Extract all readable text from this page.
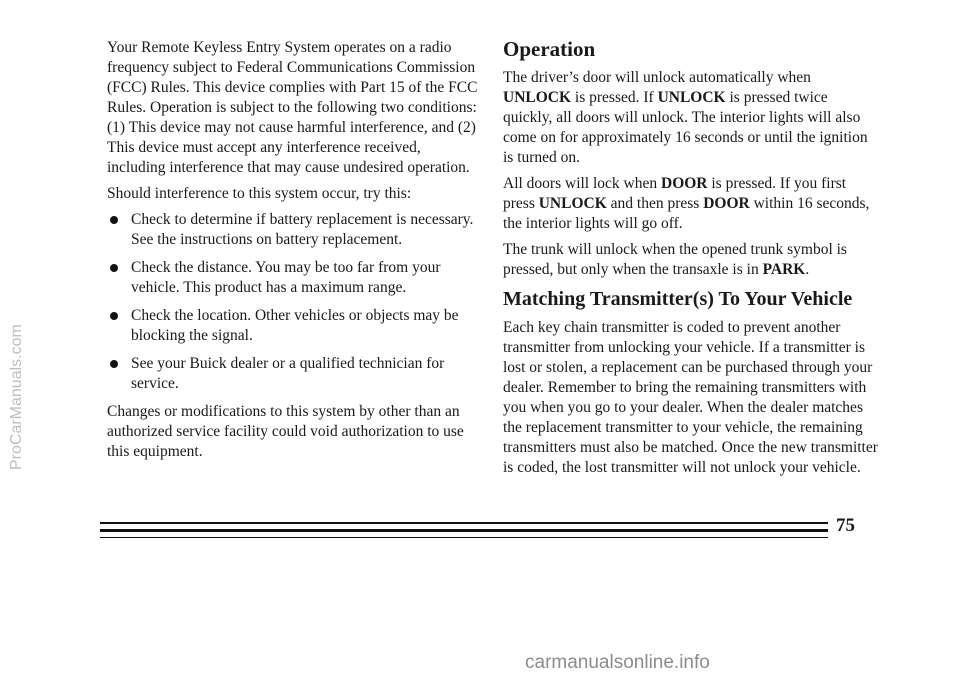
Your Remote Keyless Entry System operates on a radio frequency subject to Federal Communications Commission (FCC) Rules. This device complies with Part 15 of the FCC Rules. Operation is subject to the following two conditions: (1) This device may not cause harmful interference, and (2) This device must accept any interference received, including interference that may cause undesired operation.

Should interference to this system occur, try this:

Check to determine if battery replacement is necessary. See the instructions on battery replacement.
Check the distance. You may be too far from your vehicle. This product has a maximum range.
Check the location. Other vehicles or objects may be blocking the signal.
See your Buick dealer or a qualified technician for service.

Changes or modifications to this system by other than an authorized service facility could void authorization to use this equipment.

Operation

The driver’s door will unlock automatically when UNLOCK is pressed. If UNLOCK is pressed twice quickly, all doors will unlock. The interior lights will also come on for approximately 16 seconds or until the ignition is turned on.

All doors will lock when DOOR is pressed. If you first press UNLOCK and then press DOOR within 16 seconds, the interior lights will go off.

The trunk will unlock when the opened trunk symbol is pressed, but only when the transaxle is in PARK.

Matching Transmitter(s) To Your Vehicle

Each key chain transmitter is coded to prevent another transmitter from unlocking your vehicle. If a transmitter is lost or stolen, a replacement can be purchased through your dealer. Remember to bring the remaining transmitters with you when you go to your dealer. When the dealer matches the replacement transmitter to your vehicle, the remaining transmitters must also be matched. Once the new transmitter is coded, the lost transmitter will not unlock your vehicle.

75
ProCarManuals.com
carmanualsonline.info
